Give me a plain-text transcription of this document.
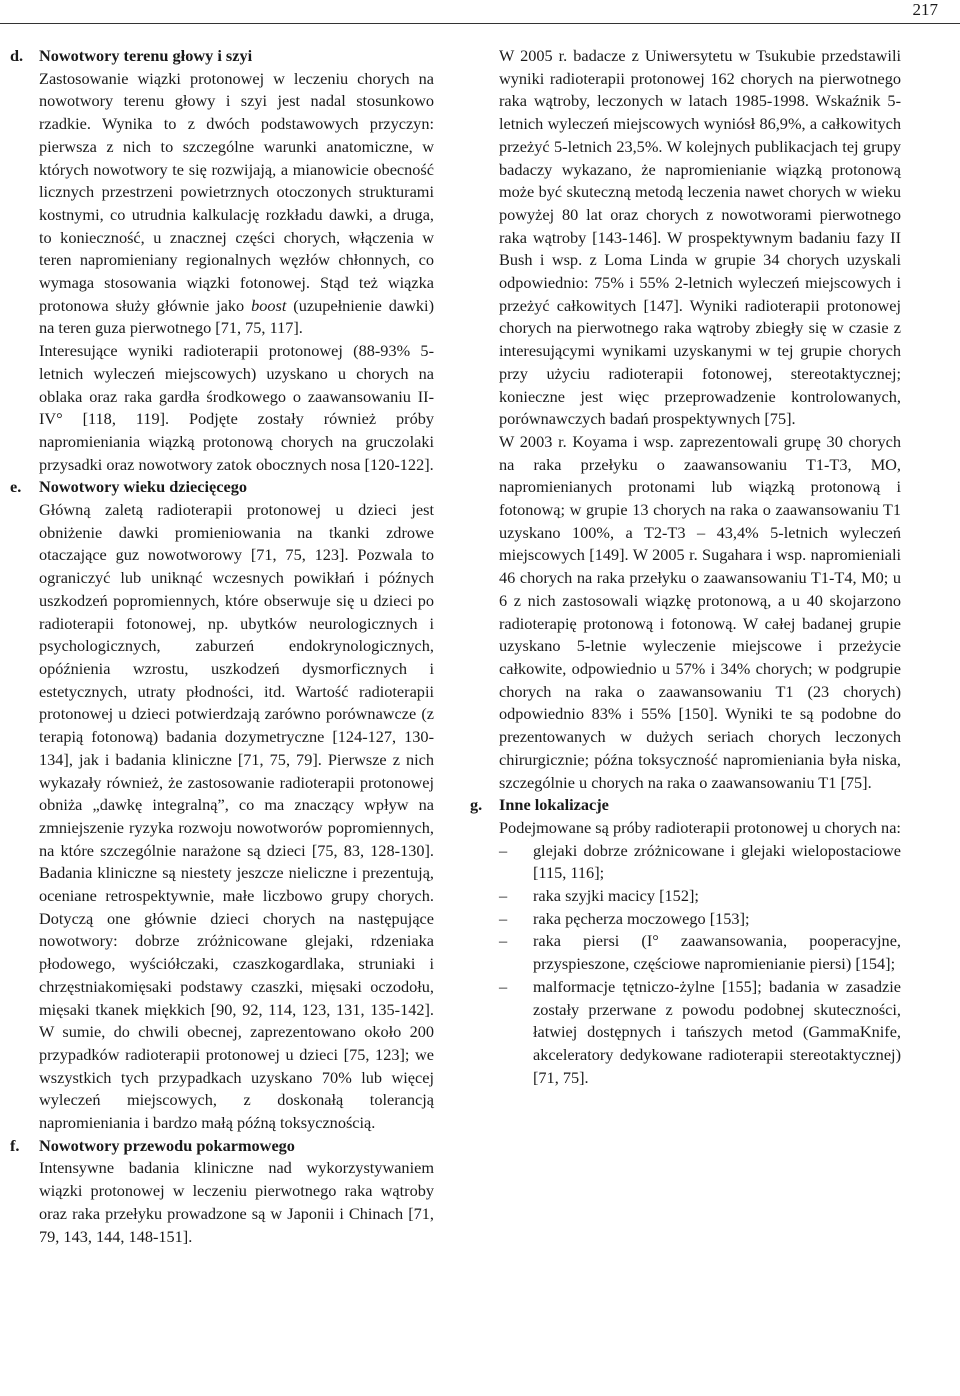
217
d. Nowotwory terenu głowy i szyi

Zastosowanie wiązki protonowej w leczeniu chorych na nowotwory terenu głowy i szyi jest nadal stosunkowo rzadkie. Wynika to z dwóch podstawowych przyczyn: pierwsza z nich to szczególne warunki anatomiczne, w których nowotwory te się rozwijają, a mianowicie obecność licznych przestrzeni powietrznych otoczonych strukturami kostnymi, co utrudnia kalkulację rozkładu dawki, a druga, to konieczność, u znacznej części chorych, włączenia w teren napromieniany regionalnych węzłów chłonnych, co wymaga stosowania wiązki fotonowej. Stąd też wiązka protonowa służy głównie jako boost (uzupełnienie dawki) na teren guza pierwotnego [71, 75, 117].

Interesujące wyniki radioterapii protonowej (88-93% 5-letnich wyleczeń miejscowych) uzyskano u chorych na oblaka oraz raka gardła środkowego o zaawansowaniu II-IV° [118, 119]. Podjęte zostały również próby napromieniania wiązką protonową chorych na gruczolaki przysadki oraz nowotwory zatok obocznych nosa [120-122].

e.	Nowotwory wieku dziecięcego

Główną zaletą radioterapii protonowej u dzieci jest obniżenie dawki promieniowania na tkanki zdrowe otaczające guz nowotworowy [71, 75, 123]. Pozwala to ograniczyć lub uniknąć wczesnych powikłań i późnych uszkodzeń popromiennych, które obserwuje się u dzieci po radioterapii fotonowej, np. ubytków neurologicznych i psychologicznych, zaburzeń endokrynologicznych, opóźnienia wzrostu, uszkodzeń dysmorficznych i estetycznych, utraty płodności, itd. Wartość radioterapii protonowej u dzieci potwierdzają zarówno porównawcze (z terapią fotonową) badania dozymetryczne [124-127, 130-134], jak i badania kliniczne [71, 75, 79]. Pierwsze z nich wykazały również, że zastosowanie radioterapii protonowej obniża „dawkę integralną”, co ma znaczący wpływ na zmniejszenie ryzyka rozwoju nowotworów popromiennych, na które szczególnie narażone są dzieci [75, 83, 128-130]. Badania kliniczne są niestety jeszcze nieliczne i prezentują, oceniane retrospektywnie, małe liczbowo grupy chorych. Dotyczą one głównie dzieci chorych na następujące nowotwory: dobrze zróżnicowane glejaki, rdzeniaka płodowego, wyściółczaki, czaszkogardlaka, struniaki i chrzęstniakomięsaki podstawy czaszki, mięsaki oczodołu, mięsaki tkanek miękkich [90, 92, 114, 123, 131, 135-142]. W sumie, do chwili obecnej, zaprezentowano około 200 przypadków radioterapii protonowej u dzieci [75, 123]; we wszystkich tych przypadkach uzyskano 70% lub więcej wyleczeń miejscowych, z doskonałą tolerancją napromieniania i bardzo małą późną toksycznością.

f.	Nowotwory przewodu pokarmowego

Intensywne badania kliniczne nad wykorzystywaniem wiązki protonowej w leczeniu pierwotnego raka wątroby oraz raka przełyku prowadzone są w Japonii i Chinach [71, 79, 143, 144, 148-151].

W 2005 r. badacze z Uniwersytetu w Tsukubie przedstawili wyniki radioterapii protonowej 162 chorych na pierwotnego raka wątroby, leczonych w latach 1985-1998. Wskaźnik 5-letnich wyleczeń miejscowych wyniósł 86,9%, a całkowitych przeżyć 5-letnich 23,5%. W kolejnych publikacjach tej grupy badaczy wykazano, że napromienianie wiązką protonową może być skuteczną metodą leczenia nawet chorych w wieku powyżej 80 lat oraz chorych z nowotworami pierwotnego raka wątroby [143-146]. W prospektywnym badaniu fazy II Bush i wsp. z Loma Linda w grupie 34 chorych uzyskali odpowiednio: 75% i 55% 2-letnich wyleczeń miejscowych i przeżyć całkowitych [147]. Wyniki radioterapii protonowej chorych na pierwotnego raka wątroby zbiegły się w czasie z interesującymi wynikami uzyskanymi w tej grupie chorych przy użyciu radioterapii fotonowej, stereotaktycznej; konieczne jest więc przeprowadzenie kontrolowanych, porównawczych badań prospektywnych [75].

W 2003 r. Koyama i wsp. zaprezentowali grupę 30 chorych na raka przełyku o zaawansowaniu T1-T3, MO, napromienianych protonami lub wiązką protonową i fotonową; w grupie 13 chorych na raka o zaawansowaniu T1 uzyskano 100%, a T2-T3 – 43,4% 5-letnich wyleczeń miejscowych [149]. W 2005 r. Sugahara i wsp. napromieniali 46 chorych na raka przełyku o zaawansowaniu T1-T4, M0; u 6 z nich zastosowali wiązkę protonową, a u 40 skojarzono radioterapię protonową i fotonową. W całej badanej grupie uzyskano 5-letnie wyleczenie miejscowe i przeżycie całkowite, odpowiednio u 57% i 34% chorych; w podgrupie chorych na raka o zaawansowaniu T1 (23 chorych) odpowiednio 83% i 55% [150]. Wyniki te są podobne do prezentowanych w dużych seriach chorych leczonych chirurgicznie; późna toksyczność napromieniania była niska, szczególnie u chorych na raka o zaawansowaniu T1 [75].

g.	Inne lokalizacje

Podejmowane są próby radioterapii protonowej u chorych na:

–	glejaki dobrze zróżnicowane i glejaki wielopostaciowe [115, 116];
–	raka szyjki macicy [152];
–	raka pęcherza moczowego [153];
–	raka piersi (I° zaawansowania, pooperacyjne, przyspieszone, częściowe napromienianie piersi) [154];
–	malformacje tętniczo-żylne [155]; badania w zasadzie zostały przerwane z powodu podobnej skuteczności, łatwiej dostępnych i tańszych metod (GammaKnife, akceleratory dedykowane radioterapii stereotaktycznej) [71, 75].
